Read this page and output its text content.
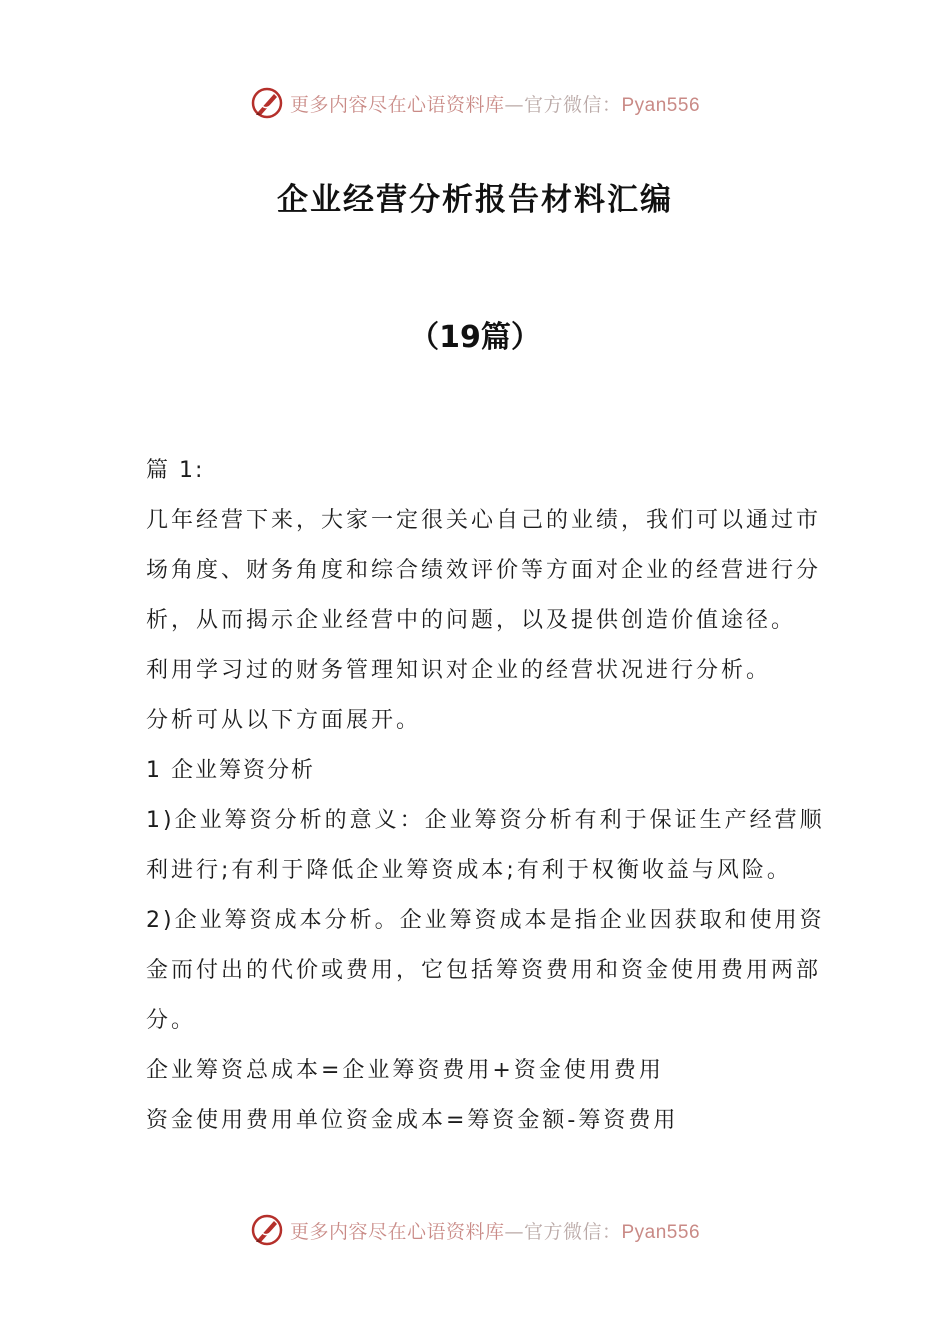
更多内容尽在心语资料库—官方微信：Pyan556
企业经营分析报告材料汇编
（19篇）

篇 1:

几年经营下来，大家一定很关心自己的业绩，我们可以通过市场角度、财务角度和综合绩效评价等方面对企业的经营进行分析，从而揭示企业经营中的问题，以及提供创造价值途径。

利用学习过的财务管理知识对企业的经营状况进行分析。

分析可从以下方面展开。

1 企业筹资分析

1)企业筹资分析的意义：企业筹资分析有利于保证生产经营顺利进行;有利于降低企业筹资成本;有利于权衡收益与风险。

2)企业筹资成本分析。企业筹资成本是指企业因获取和使用资金而付出的代价或费用，它包括筹资费用和资金使用费用两部分。

企业筹资总成本=企业筹资费用+资金使用费用

资金使用费用单位资金成本=筹资金额-筹资费用

更多内容尽在心语资料库—官方微信：Pyan556
